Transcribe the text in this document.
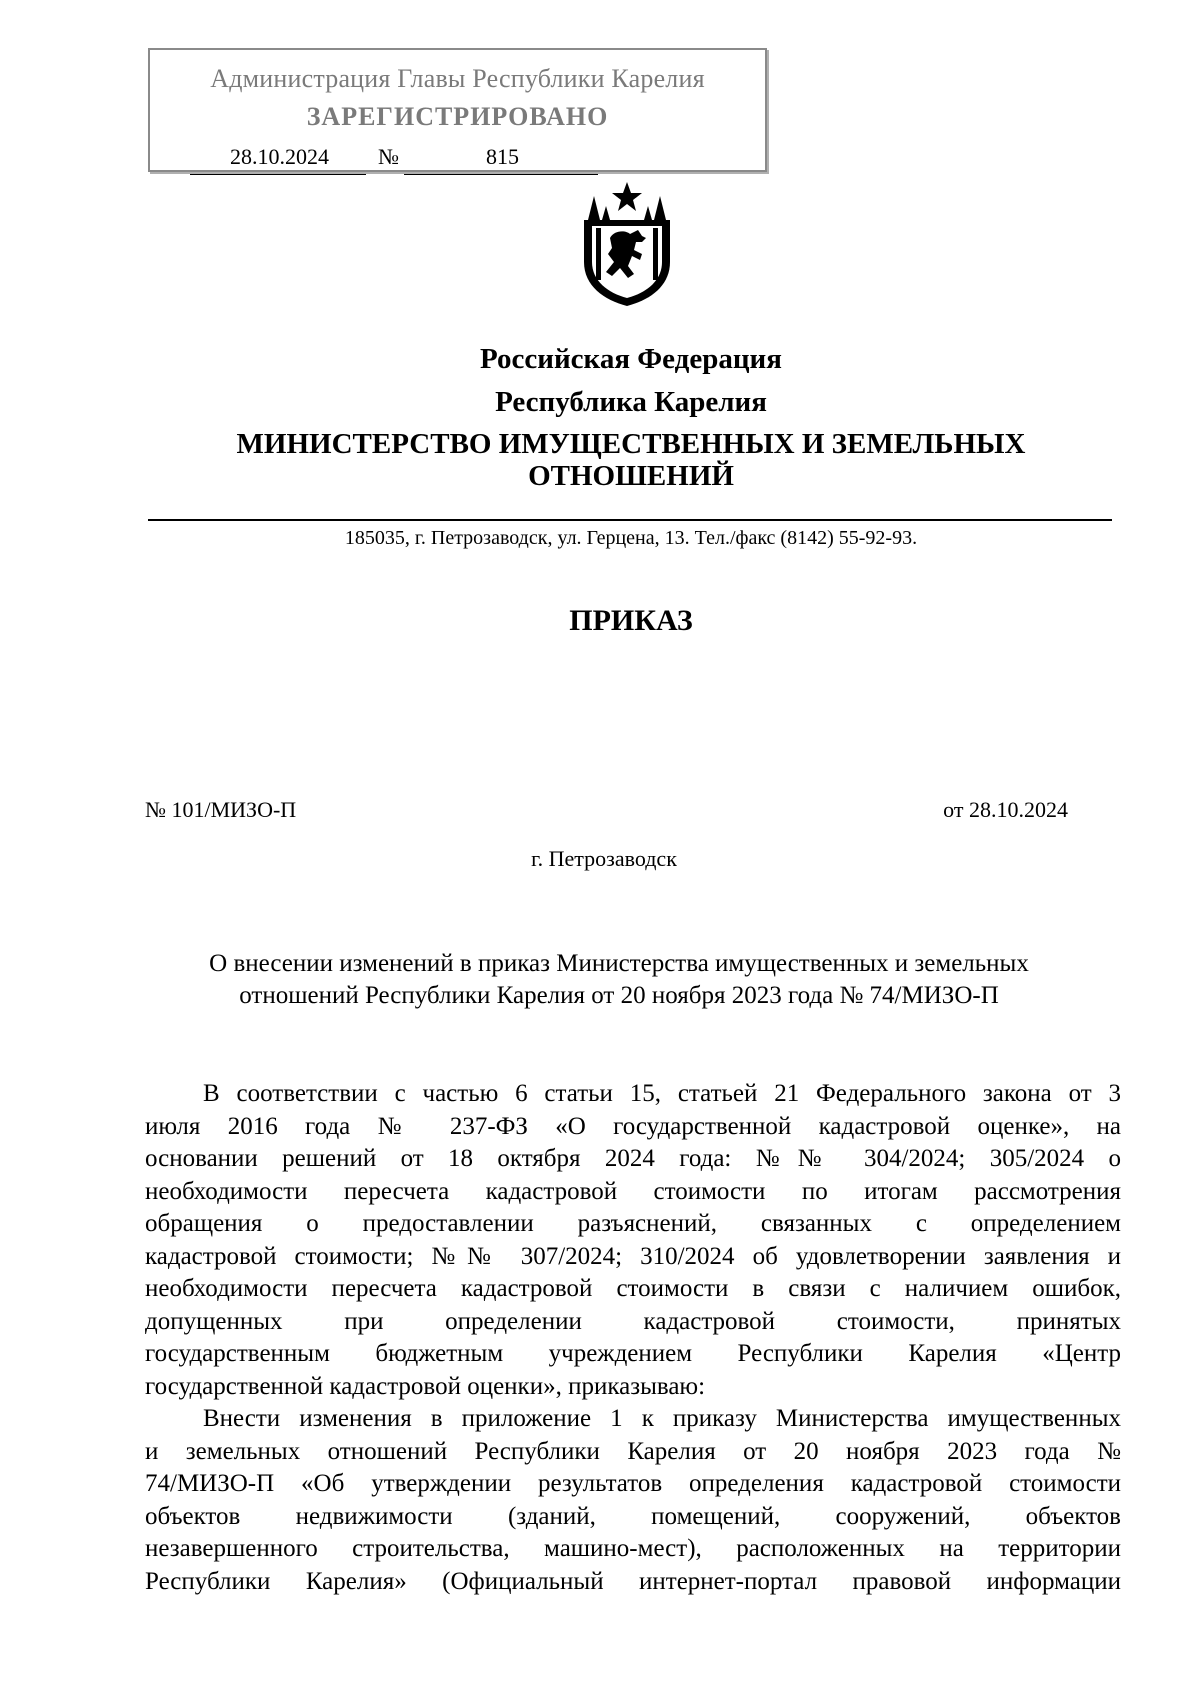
Администрация Главы Республики Карелия
ЗАРЕГИСТРИРОВАНО
28.10.2024 №	815
Российская Федерация
Республика Карелия
МИНИСТЕРСТВО ИМУЩЕСТВЕННЫХ И ЗЕМЕЛЬНЫХ
ОТНОШЕНИЙ
185035, г. Петрозаводск, ул. Герцена, 13. Тел./факс (8142) 55-92-93.
ПРИКАЗ
№ 101/МИЗО-П	от 28.10.2024
г. Петрозаводск
О внесении изменений в приказ Министерства имущественных и земельных
отношений Республики Карелия от 20 ноября 2023 года № 74/МИЗО-П
В соответствии с частью 6 статьи 15, статьей 21 Федерального закона от 3
июля 2016 года № 237-ФЗ «О государственной кадастровой оценке», на
основании решений от 18 октября 2024 года: №№ 304/2024; 305/2024 о
необходимости пересчета кадастровой стоимости по итогам рассмотрения
обращения о предоставлении разъяснений, связанных с определением
кадастровой стоимости; №№ 307/2024; 310/2024 об удовлетворении заявления и
необходимости пересчета кадастровой стоимости в связи с наличием ошибок,
допущенных при определении кадастровой стоимости, принятых
государственным бюджетным учреждением Республики Карелия «Центр
государственной кадастровой оценки», приказываю:
Внести изменения в приложение 1 к приказу Министерства имущественных
и земельных отношений Республики Карелия от 20 ноября 2023 года №
74/МИЗО-П «Об утверждении результатов определения кадастровой стоимости
объектов недвижимости (зданий, помещений, сооружений, объектов
незавершенного строительства, машино-мест), расположенных на территории
Республики Карелия» (Официальный интернет-портал правовой информации
